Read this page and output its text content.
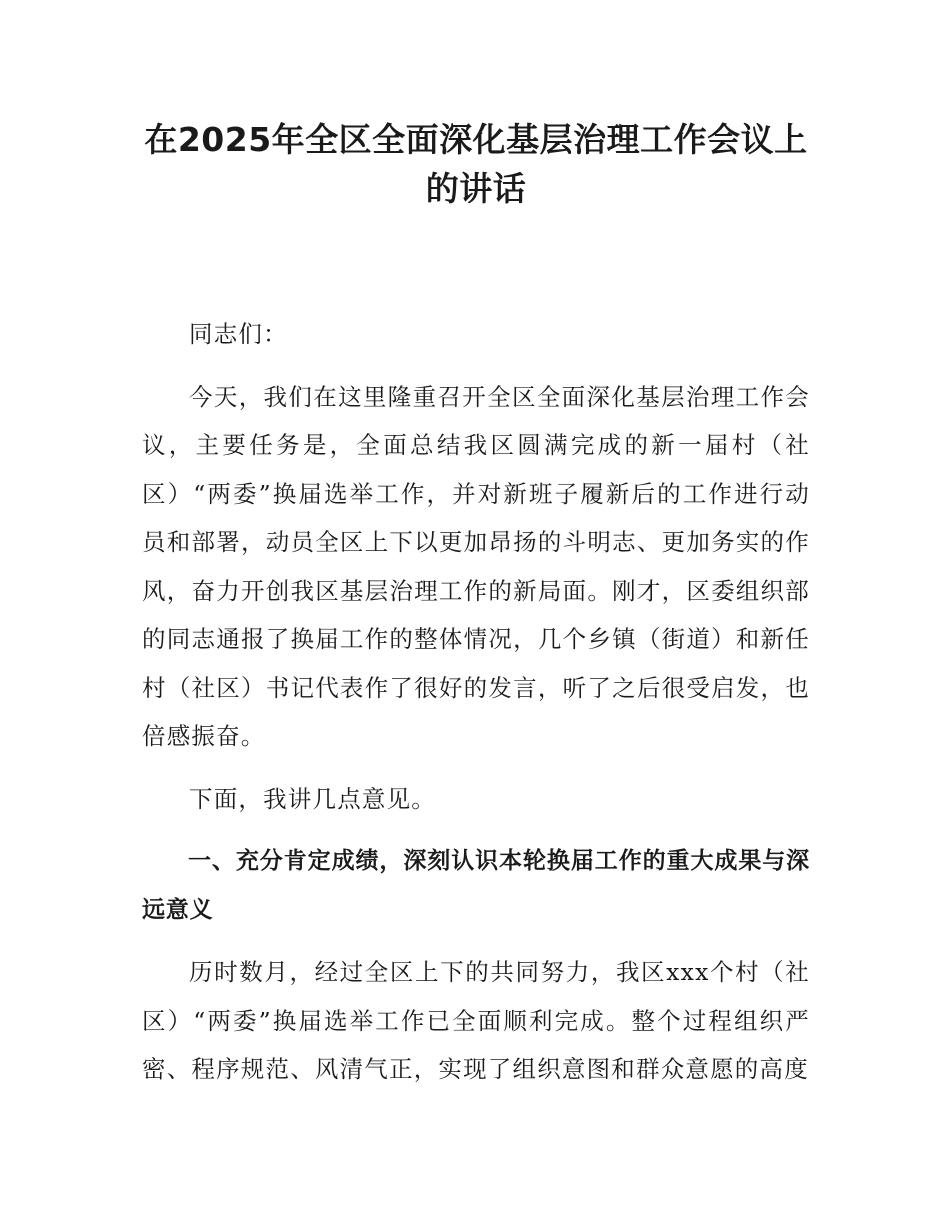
在2025年全区全面深化基层治理工作会议上
的讲话

同志们：

今天，我们在这里隆重召开全区全面深化基层治理工作会议，主要任务是，全面总结我区圆满完成的新一届村（社区）“两委”换届选举工作，并对新班子履新后的工作进行动员和部署，动员全区上下以更加昂扬的斗明志、更加务实的作风，奋力开创我区基层治理工作的新局面。刚才，区委组织部的同志通报了换届工作的整体情况，几个乡镇（街道）和新任村（社区）书记代表作了很好的发言，听了之后很受启发，也倍感振奋。

下面，我讲几点意见。

一、充分肯定成绩，深刻认识本轮换届工作的重大成果与深远意义

历时数月，经过全区上下的共同努力，我区xxx个村（社区）“两委”换届选举工作已全面顺利完成。整个过程组织严密、程序规范、风清气正，实现了组织意图和群众意愿的高度
